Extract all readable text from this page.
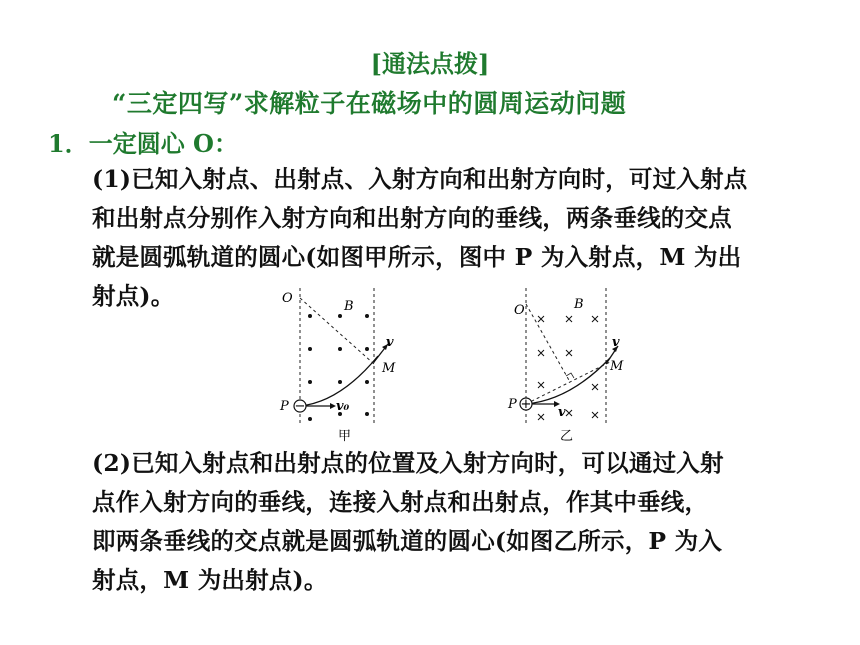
[通法点拨]
“三定四写”求解粒子在磁场中的圆周运动问题
1．一定圆心 O：
(1)已知入射点、出射点、入射方向和出射方向时，可过入射点
和出射点分别作入射方向和出射方向的垂线，两条垂线的交点
就是圆弧轨道的圆心(如图甲所示，图中 P 为入射点，M 为出
射点)。
−
O
B
P
M
v
v₀
甲
+
O	B
P
M
v
v
乙
(2)已知入射点和出射点的位置及入射方向时，可以通过入射
点作入射方向的垂线，连接入射点和出射点，作其中垂线，
即两条垂线的交点就是圆弧轨道的圆心(如图乙所示，P 为入
射点，M 为出射点)。
